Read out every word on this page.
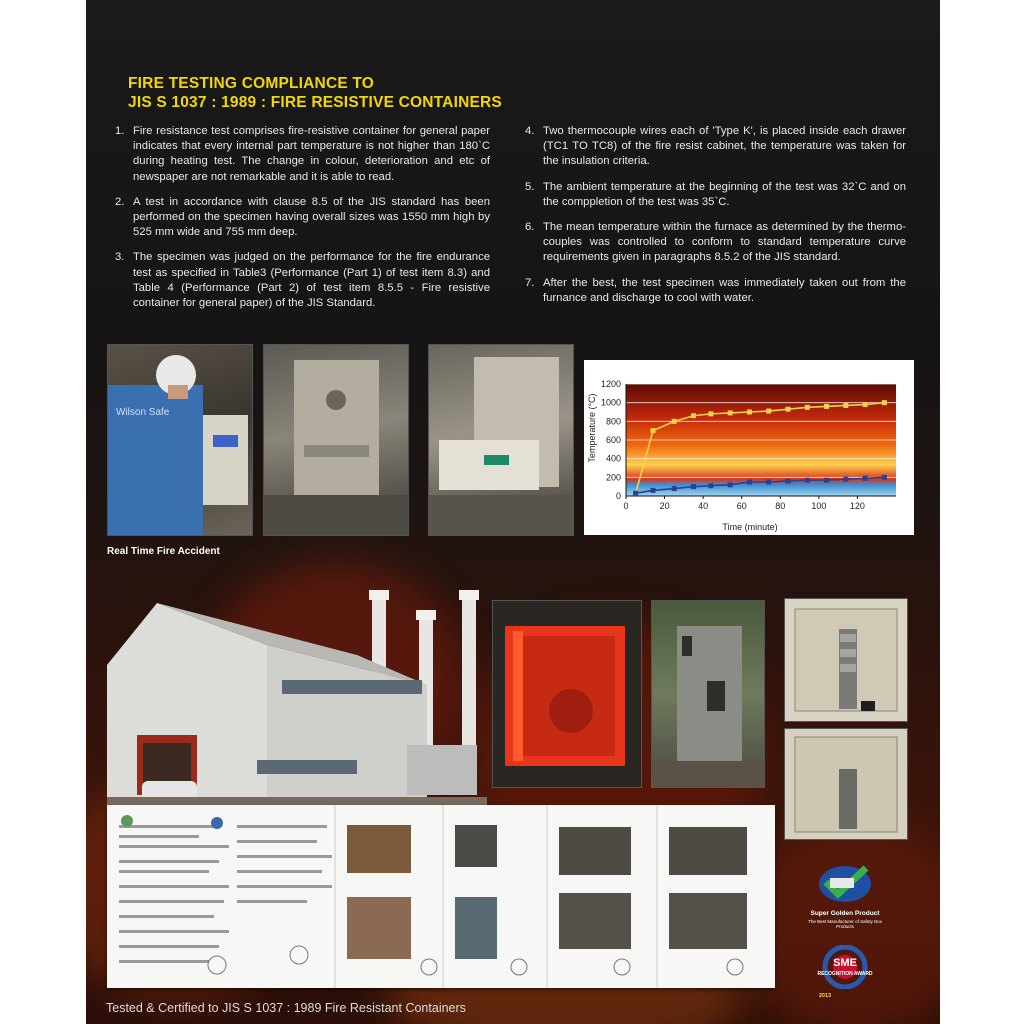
FIRE TESTING COMPLIANCE TO
JIS S 1037 : 1989 : FIRE RESISTIVE CONTAINERS
1. Fire resistance test comprises fire-resistive container for general paper indicates that every internal part temperature is not higher than 180`C during heating test. The change in colour, deterioration and etc of newspaper are not remarkable and it is able to read.
2. A test in accordance with clause 8.5 of the JIS standard has been performed on the specimen having overall sizes was 1550 mm high by 525 mm wide and 755 mm deep.
3. The specimen was judged on the performance for the fire endurance test as specified in Table3 (Performance (Part 1) of test item 8.3) and Table 4 (Performance (Part 2) of test item 8.5.5 - Fire resistive container for general paper) of the JIS Standard.
4. Two thermocouple wires each of 'Type K', is placed inside each drawer (TC1 TO TC8) of the fire resist cabinet, the temperature was taken for the insulation criteria.
5. The ambient temperature at the beginning of the test was 32`C and on the comppletion of the test was 35`C.
6. The mean temperature within the furnace as determined by the thermo-couples was controlled to conform to standard temperature curve requirements given in paragraphs 8.5.2 of the JIS standard.
7. After the best, the test specimen was immediately taken out from the furnance and discharge to cool with water.
Wilson Safe
Real Time Fire Accident
0
200
400
600
800
1000
1200
0	20	40	60	80	100	120
Time (minute)
Temperature (°C)
Super Golden Product
The Best Manufacturer of Safety Box Products
SME
RECOGNITION AWARD
2013
Tested & Certified to JIS S 1037 : 1989 Fire Resistant Containers
